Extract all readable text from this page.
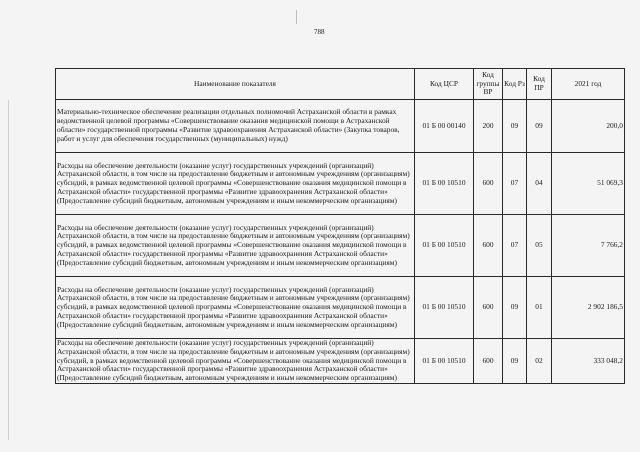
788
Наименование показателя	Код ЦСР	Код группы ВР	Код Рз	Код ПР	2021 год
Материально-техническое обеспечение реализации отдельных полномочий Астраханской области в рамках ведомственной целевой программы «Совершенствование оказания медицинской помощи в Астраханской области» государственной программы «Развитие здравоохранения Астраханской области» (Закупка товаров, работ и услуг для обеспечения государственных (муниципальных) нужд)	01 Б 00 00140	200	09	09	200,0
Расходы на обеспечение деятельности (оказание услуг) государственных учреждений (организаций) Астраханской области, в том числе на предоставление бюджетным и автономным учреждениям (организациям) субсидий, в рамках ведомственной целевой программы «Совершенствование оказания медицинской помощи в Астраханской области» государственной программы «Развитие здравоохранения Астраханской области» (Предоставление субсидий бюджетным, автономным учреждениям и иным некоммерческим организациям)	01 Б 00 10510	600	07	04	51 069,3
Расходы на обеспечение деятельности (оказание услуг) государственных учреждений (организаций) Астраханской области, в том числе на предоставление бюджетным и автономным учреждениям (организациям) субсидий, в рамках ведомственной целевой программы «Совершенствование оказания медицинской помощи в Астраханской области» государственной программы «Развитие здравоохранения Астраханской области» (Предоставление субсидий бюджетным, автономным учреждениям и иным некоммерческим организациям)	01 Б 00 10510	600	07	05	7 766,2
Расходы на обеспечение деятельности (оказание услуг) государственных учреждений (организаций) Астраханской области, в том числе на предоставление бюджетным и автономным учреждениям (организациям) субсидий, в рамках ведомственной целевой программы «Совершенствование оказания медицинской помощи в Астраханской области» государственной программы «Развитие здравоохранения Астраханской области» (Предоставление субсидий бюджетным, автономным учреждениям и иным некоммерческим организациям)	01 Б 00 10510	600	09	01	2 902 186,5
Расходы на обеспечение деятельности (оказание услуг) государственных учреждений (организаций) Астраханской области, в том числе на предоставление бюджетным и автономным учреждениям (организациям) субсидий, в рамках ведомственной целевой программы «Совершенствование оказания медицинской помощи в Астраханской области» государственной программы «Развитие здравоохранения Астраханской области» (Предоставление субсидий бюджетным, автономным учреждениям и иным некоммерческим организациям)	01 Б 00 10510	600	09	02	333 048,2
